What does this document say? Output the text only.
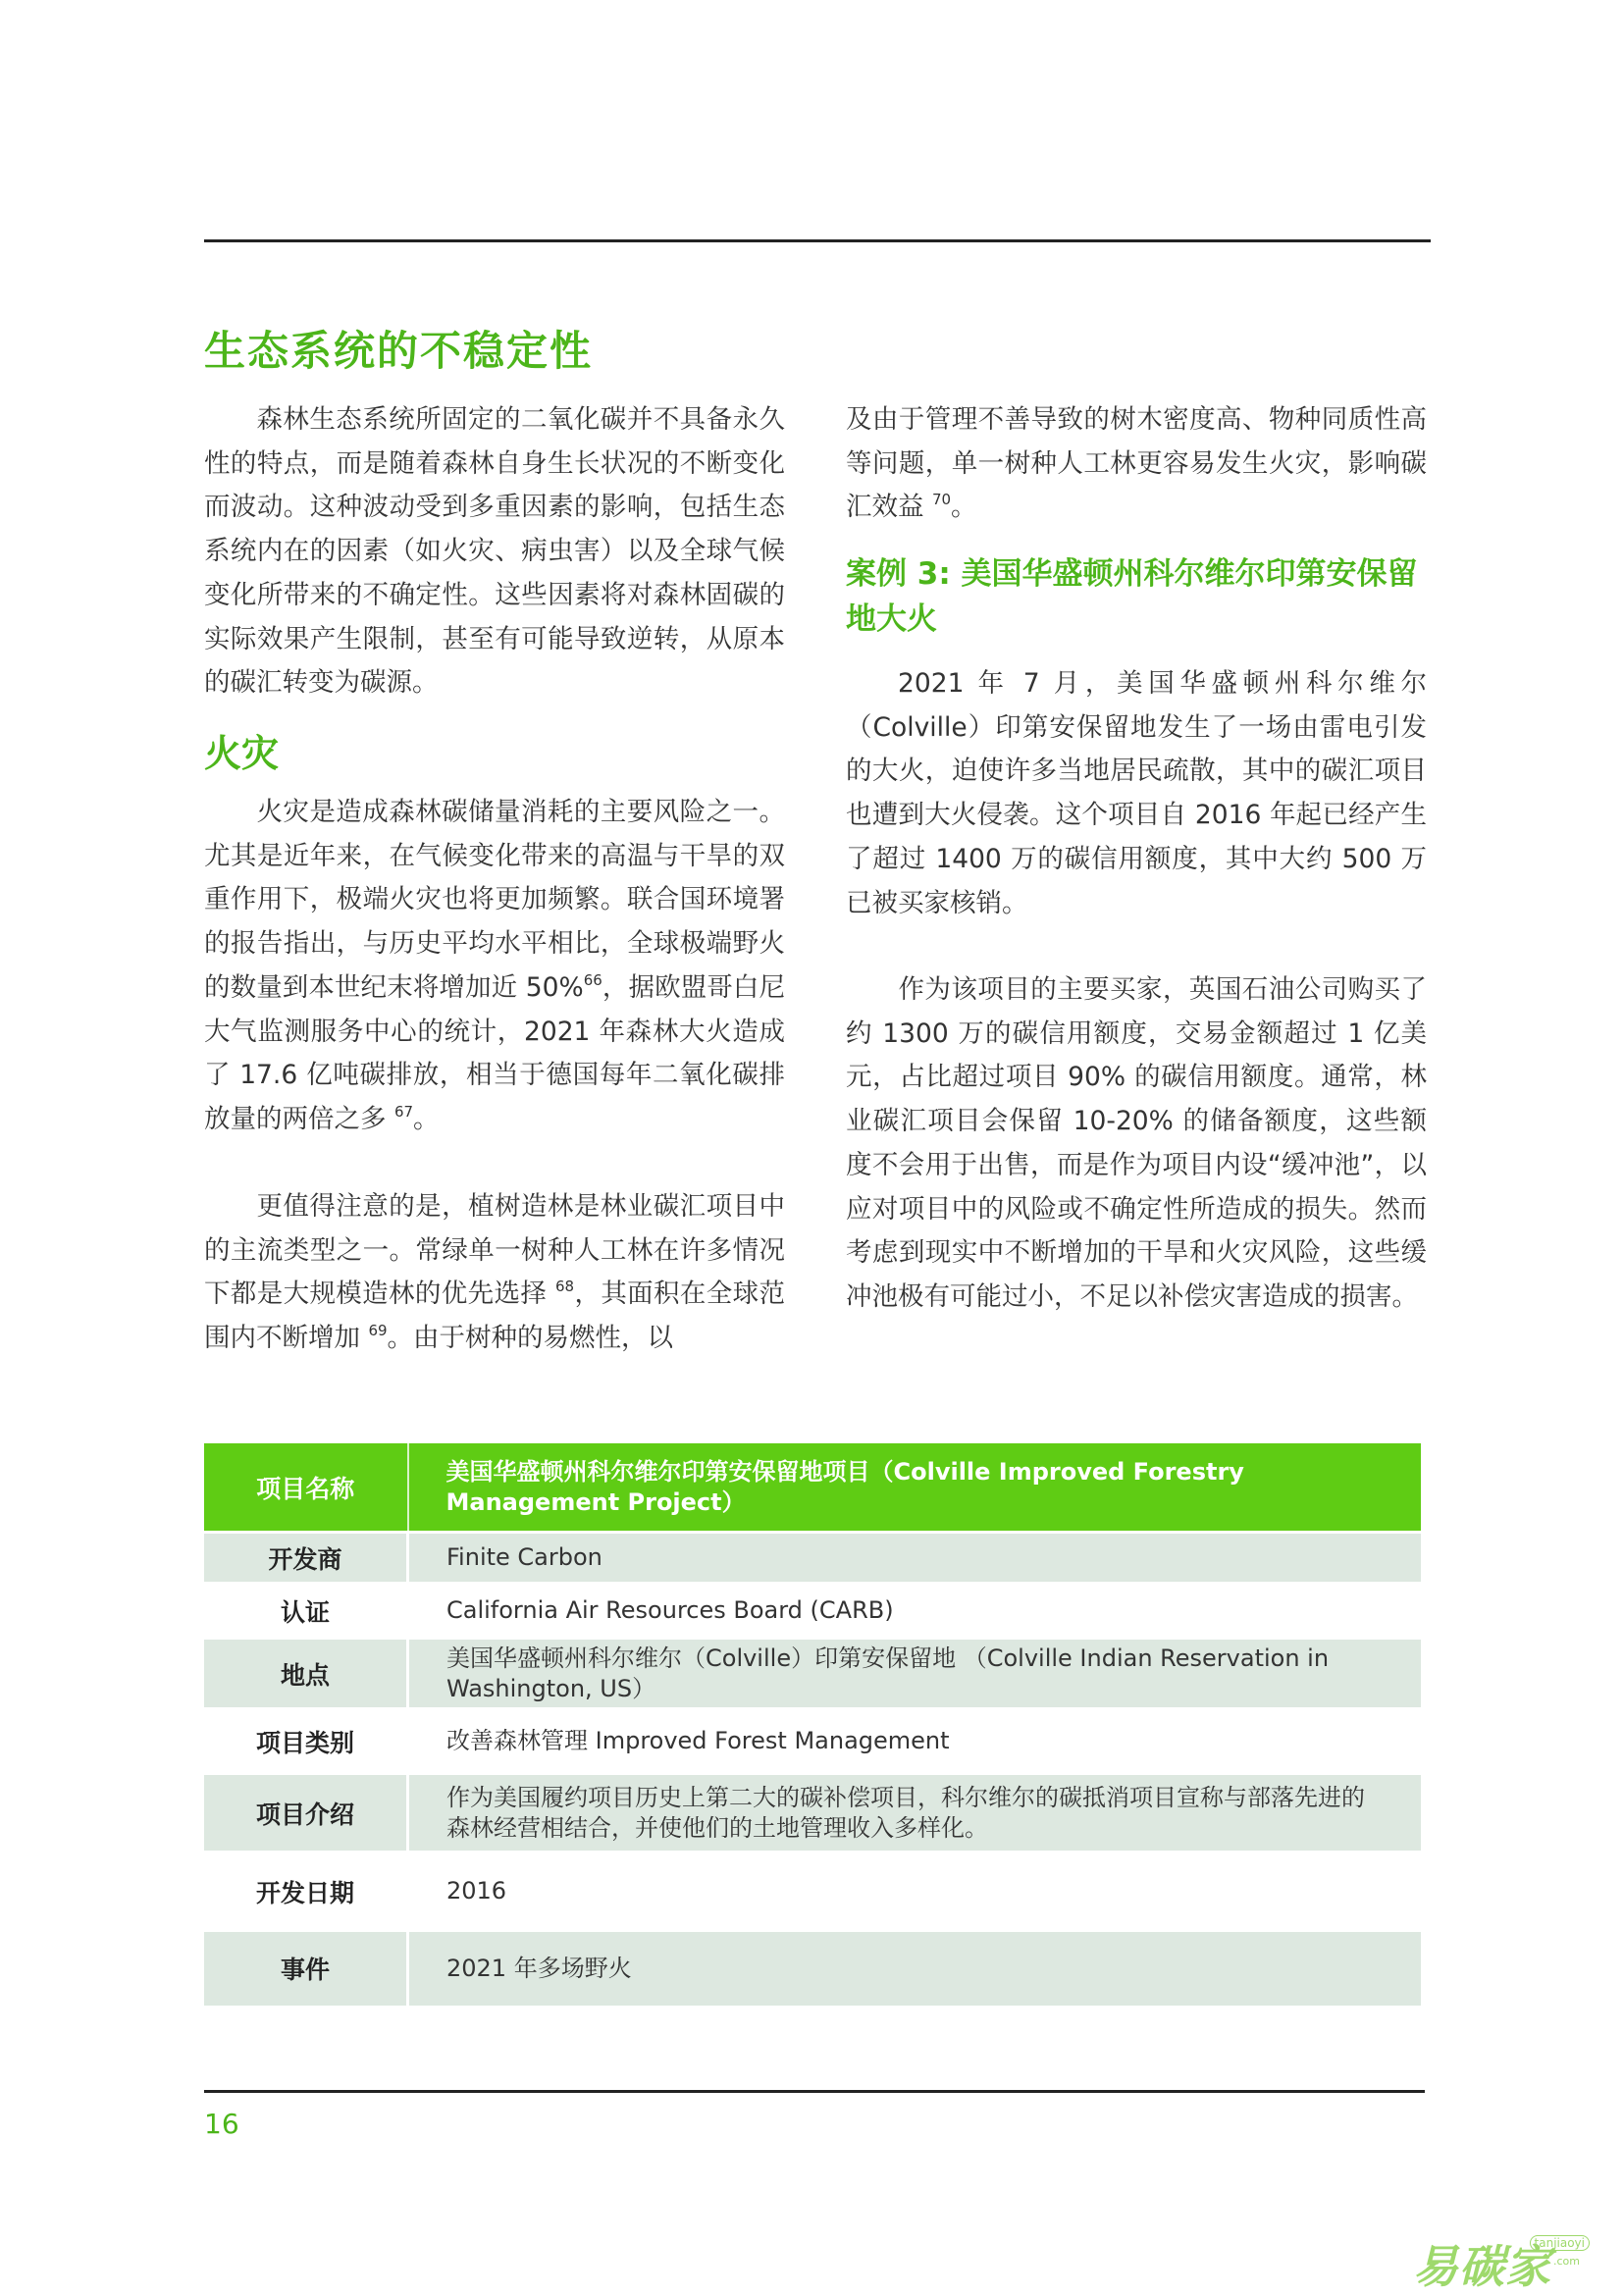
生态系统的不稳定性

森林生态系统所固定的二氧化碳并不具备永久性的特点，而是随着森林自身生长状况的不断变化而波动。这种波动受到多重因素的影响，包括生态系统内在的因素（如火灾、病虫害）以及全球气候变化所带来的不确定性。这些因素将对森林固碳的实际效果产生限制，甚至有可能导致逆转，从原本的碳汇转变为碳源。

火灾

火灾是造成森林碳储量消耗的主要风险之一。尤其是近年来，在气候变化带来的高温与干旱的双重作用下，极端火灾也将更加频繁。联合国环境署的报告指出，与历史平均水平相比，全球极端野火的数量到本世纪末将增加近 50%$^{66}$，据欧盟哥白尼大气监测服务中心的统计，2021 年森林大火造成了 17.6 亿吨碳排放，相当于德国每年二氧化碳排放量的两倍之多 $^{67}$。

更值得注意的是，植树造林是林业碳汇项目中的主流类型之一。常绿单一树种人工林在许多情况下都是大规模造林的优先选择 $^{68}$，其面积在全球范围内不断增加 $^{69}$。由于树种的易燃性，以

及由于管理不善导致的树木密度高、物种同质性高等问题，单一树种人工林更容易发生火灾，影响碳汇效益 $^{70}$。

案例 3: 美国华盛顿州科尔维尔印第安保留地大火

2021 年 7 月，美国华盛顿州科尔维尔（Colville）印第安保留地发生了一场由雷电引发的大火，迫使许多当地居民疏散，其中的碳汇项目也遭到大火侵袭。这个项目自 2016 年起已经产生了超过 1400 万的碳信用额度，其中大约 500 万已被买家核销。

作为该项目的主要买家，英国石油公司购买了约 1300 万的碳信用额度，交易金额超过 1 亿美元，占比超过项目 90% 的碳信用额度。通常，林业碳汇项目会保留 10-20% 的储备额度，这些额度不会用于出售，而是作为项目内设“缓冲池”，以应对项目中的风险或不确定性所造成的损失。然而考虑到现实中不断增加的干旱和火灾风险，这些缓冲池极有可能过小，不足以补偿灾害造成的损害。

项目名称	美国华盛顿州科尔维尔印第安保留地项目（Colville Improved Forestry Management Project）
开发商	Finite Carbon
认证	California Air Resources Board (CARB)
地点	美国华盛顿州科尔维尔（Colville）印第安保留地 （Colville Indian Reservation in Washington, US）
项目类别	改善森林管理 Improved Forest Management
项目介绍	作为美国履约项目历史上第二大的碳补偿项目，科尔维尔的碳抵消项目宣称与部落先进的森林经营相结合，并使他们的土地管理收入多样化。
开发日期	2016
事件	2021 年多场野火
16
易碳家
tanjiaoyi
.com
